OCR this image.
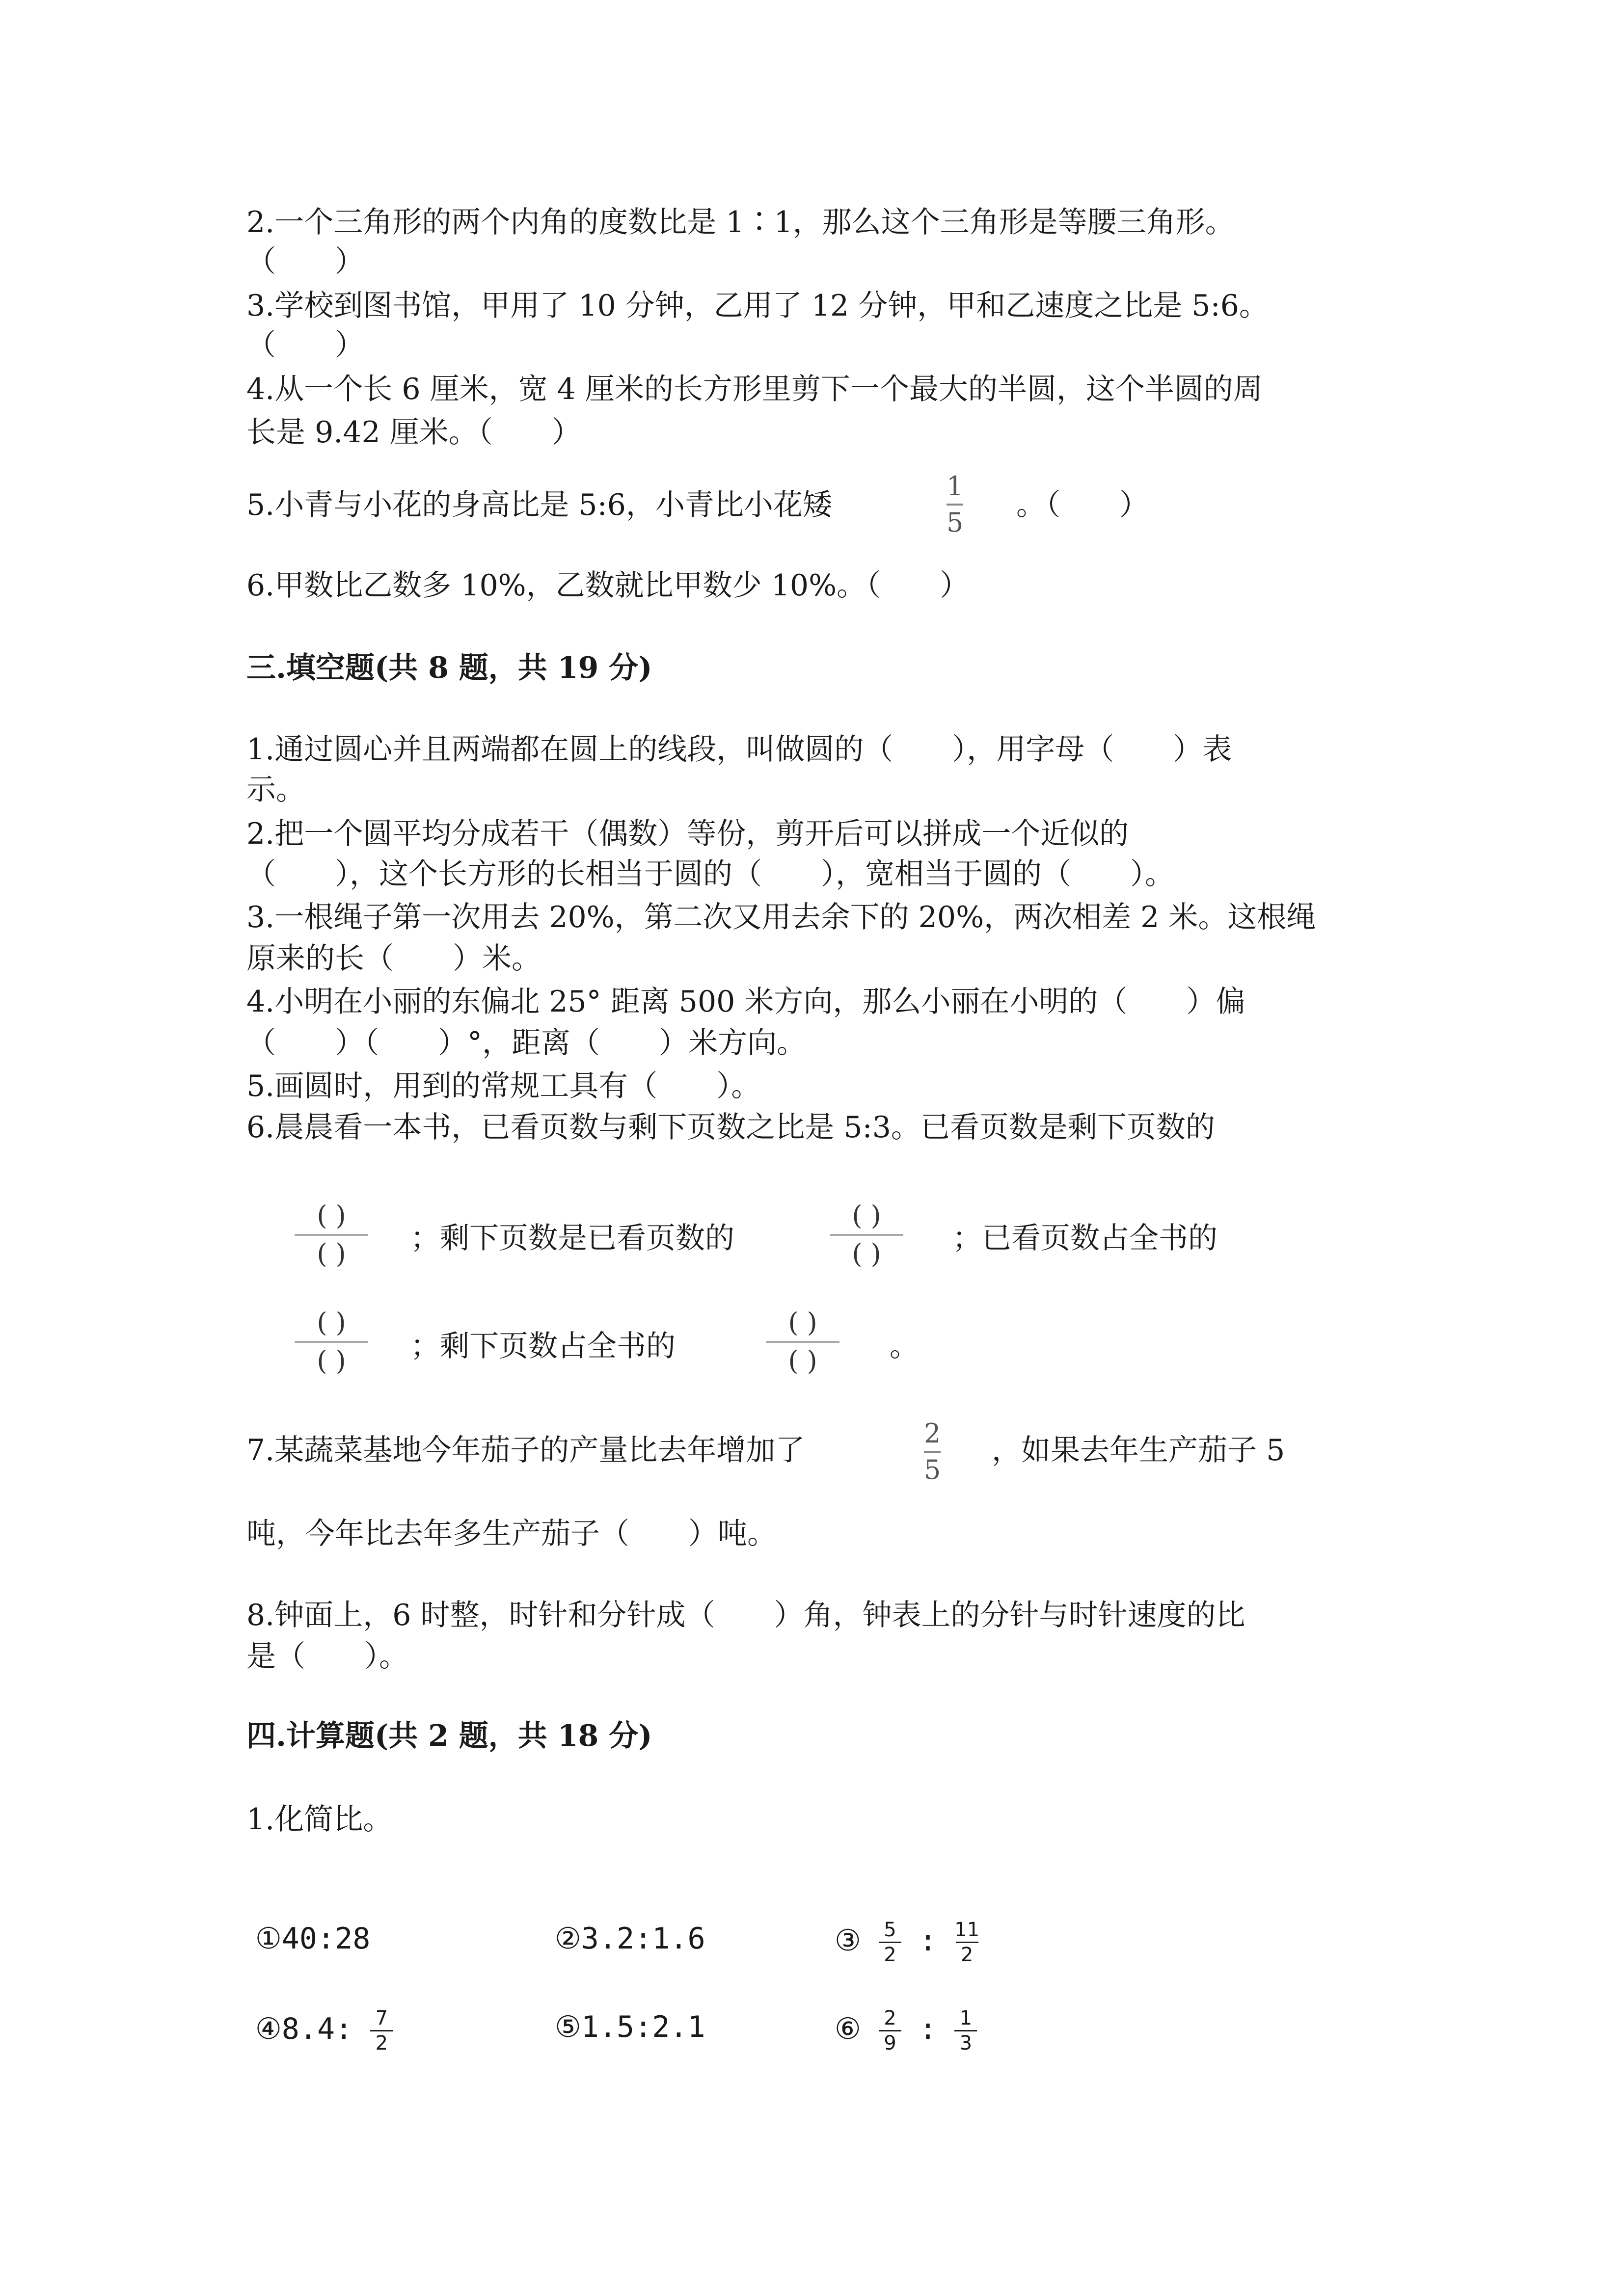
2.一个三角形的两个内角的度数比是 1∶1，那么这个三角形是等腰三角形。
（　　）
3.学校到图书馆，甲用了 10 分钟，乙用了 12 分钟，甲和乙速度之比是 5:6。
（　　）
4.从一个长 6 厘米，宽 4 厘米的长方形里剪下一个最大的半圆，这个半圆的周
长是 9.42 厘米。（　　）
5.小青与小花的身高比是 5:6，小青比小花矮
1
5
。（　　）
6.甲数比乙数多 10%，乙数就比甲数少 10%。（　　）
三.填空题(共 8 题，共 19 分)
1.通过圆心并且两端都在圆上的线段，叫做圆的（　　），用字母（　　）表
示。
2.把一个圆平均分成若干（偶数）等份，剪开后可以拼成一个近似的
（　　），这个长方形的长相当于圆的（　　），宽相当于圆的（　　）。
3.一根绳子第一次用去 20%，第二次又用去余下的 20%，两次相差 2 米。这根绳
原来的长（　　）米。
4.小明在小丽的东偏北 25° 距离 500 米方向，那么小丽在小明的（　　）偏
（　　）（　　）°，距离（　　）米方向。
5.画圆时，用到的常规工具有（　　）。
6.晨晨看一本书，已看页数与剩下页数之比是 5:3。已看页数是剩下页数的
( )
( ) ；剩下页数是已看页数的
( )
( ) ；已看页数占全书的
( )
( ) ；剩下页数占全书的
( )
( ) 。
7.某蔬菜基地今年茄子的产量比去年增加了	2
5
，如果去年生产茄子 5
吨，今年比去年多生产茄子（　　）吨。
8.钟面上，6 时整，时针和分针成（　　）角，钟表上的分针与时针速度的比
是（　　）。
四.计算题(共 2 题，共 18 分)
1.化简比。
①40:28	②3.2:1.6	③ $\frac{5}{2}$ : $\frac{11}{2}$
④8.4: $\frac{7}{2}$	⑤1.5:2.1	⑥ $\frac{2}{9}$ : $\frac{1}{3}$
